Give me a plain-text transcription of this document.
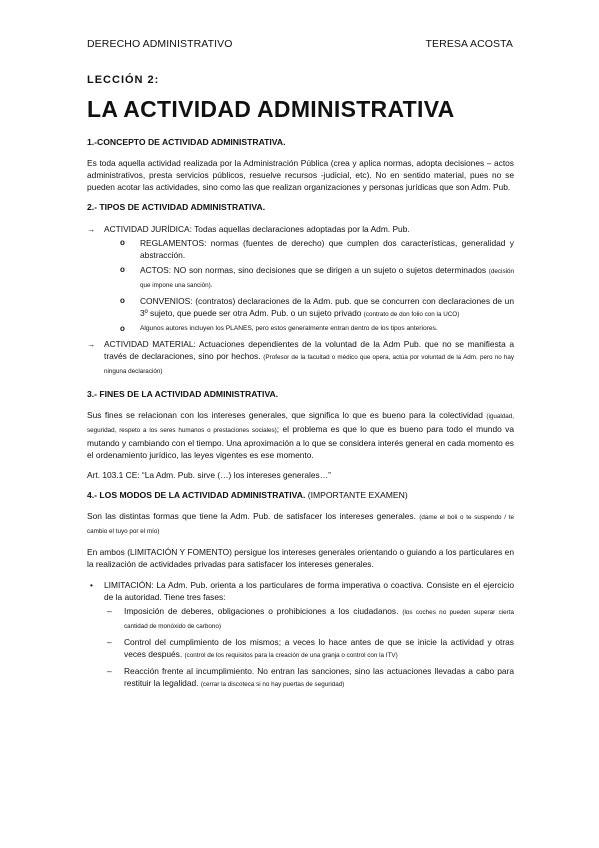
DERECHO ADMINISTRATIVO	TERESA ACOSTA
LECCIÓN 2:
LA ACTIVIDAD ADMINISTRATIVA
1.-CONCEPTO DE ACTIVIDAD ADMINISTRATIVA.

Es toda aquella actividad realizada por la Administración Pública (crea y aplica normas, adopta decisiones – actos administrativos, presta servicios públicos, resuelve recursos -judicial, etc). No en sentido material, pues no se pueden acotar las actividades, sino como las que realizan organizaciones y personas jurídicas que son Adm. Pub.

2.- TIPOS DE ACTIVIDAD ADMINISTRATIVA.
→ ACTIVIDAD JURÍDICA: Todas aquellas declaraciones adoptadas por la Adm. Pub.
o REGLAMENTOS: normas (fuentes de derecho) que cumplen dos características, generalidad y abstracción.
o ACTOS: NO son normas, sino decisiones que se dirigen a un sujeto o sujetos determinados (decisión que impone una sanción).
o CONVENIOS: (contratos) declaraciones de la Adm. pub. que se concurren con declaraciones de un 3º sujeto, que puede ser otra Adm. Pub. o un sujeto privado (contrato de don folio con la UCO)
o Algunos autores incluyen los PLANES, pero estos generalmente entran dentro de los tipos anteriores.
→ ACTIVIDAD MATERIAL: Actuaciones dependientes de la voluntad de la Adm Pub. que no se manifiesta a través de declaraciones, sino por hechos. (Profesor de la facultad o médico que opera, actúa por voluntad de la Adm. pero no hay ninguna declaración)
3.- FINES DE LA ACTIVIDAD ADMINISTRATIVA.

Sus fines se relacionan con los intereses generales, que significa lo que es bueno para la colectividad (igualdad, seguridad, respeto a los seres humanos o prestaciones sociales); el problema es que lo que es bueno para todo el mundo va mutando y cambiando con el tiempo. Una aproximación a lo que se considera interés general en cada momento es el ordenamiento jurídico, las leyes vigentes es ese momento.

Art. 103.1 CE: “La Adm. Pub. sirve (…) los intereses generales…”

4.- LOS MODOS DE LA ACTIVIDAD ADMINISTRATIVA. (IMPORTANTE EXAMEN)

Son las distintas formas que tiene la Adm. Pub. de satisfacer los intereses generales. (dame el boli o te suspendo / te cambio el tuyo por el mío)

En ambos (LIMITACIÓN Y FOMENTO) persigue los intereses generales orientando o guiando a los particulares en la realización de actividades privadas para satisfacer los intereses generales.

• LIMITACIÓN: La Adm. Pub. orienta a los particulares de forma imperativa o coactiva. Consiste en el ejercicio de la autoridad. Tiene tres fases:
– Imposición de deberes, obligaciones o prohibiciones a los ciudadanos. (los coches no pueden superar cierta cantidad de monóxido de carbono)
– Control del cumplimiento de los mismos; a veces lo hace antes de que se inicie la actividad y otras veces después. (control de los requisitos para la creación de una granja o control con la ITV)
– Reacción frente al incumplimiento. No entran las sanciones, sino las actuaciones llevadas a cabo para restituir la legalidad. (cerrar la discoteca si no hay puertas de seguridad)
